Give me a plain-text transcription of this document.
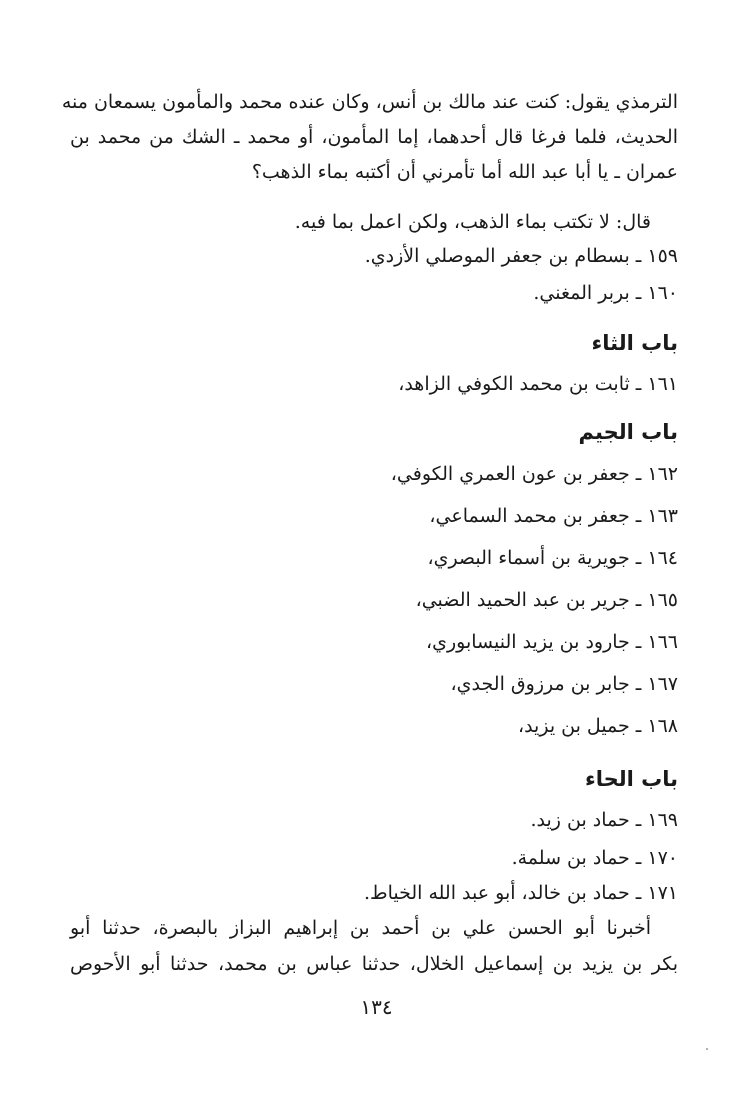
الترمذي يقول: كنت عند مالك بن أنس، وكان عنده محمد والمأمون يسمعان منه
الحديث، فلما فرغا قال أحدهما، إما المأمون، أو محمد ـ الشك من محمد بن
عمران ـ يا أبا عبد الله أما تأمرني أن أكتبه بماء الذهب؟
قال: لا تكتب بماء الذهب، ولكن اعمل بما فيه.
١٥٩ـبسطام بن جعفر الموصلي الأزدي.
١٦٠ـبربر المغني.
باب الثاء
١٦١ـثابت بن محمد الكوفي الزاهد،
باب الجيم
١٦٢ـجعفر بن عون العمري الكوفي،
١٦٣ـجعفر بن محمد السماعي،
١٦٤ـجويرية بن أسماء البصري،
١٦٥ـجرير بن عبد الحميد الضبي،
١٦٦ـجارود بن يزيد النيسابوري،
١٦٧ـجابر بن مرزوق الجدي،
١٦٨ـجميل بن يزيد،
باب الحاء
١٦٩ـحماد بن زيد.
١٧٠ـحماد بن سلمة.
١٧١ـحماد بن خالد، أبو عبد الله الخياط.
أخبرنا أبو الحسن علي بن أحمد بن إبراهيم البزاز بالبصرة، حدثنا أبو
بكر بن يزيد بن إسماعيل الخلال، حدثنا عباس بن محمد، حدثنا أبو الأحوص
١٣٤
